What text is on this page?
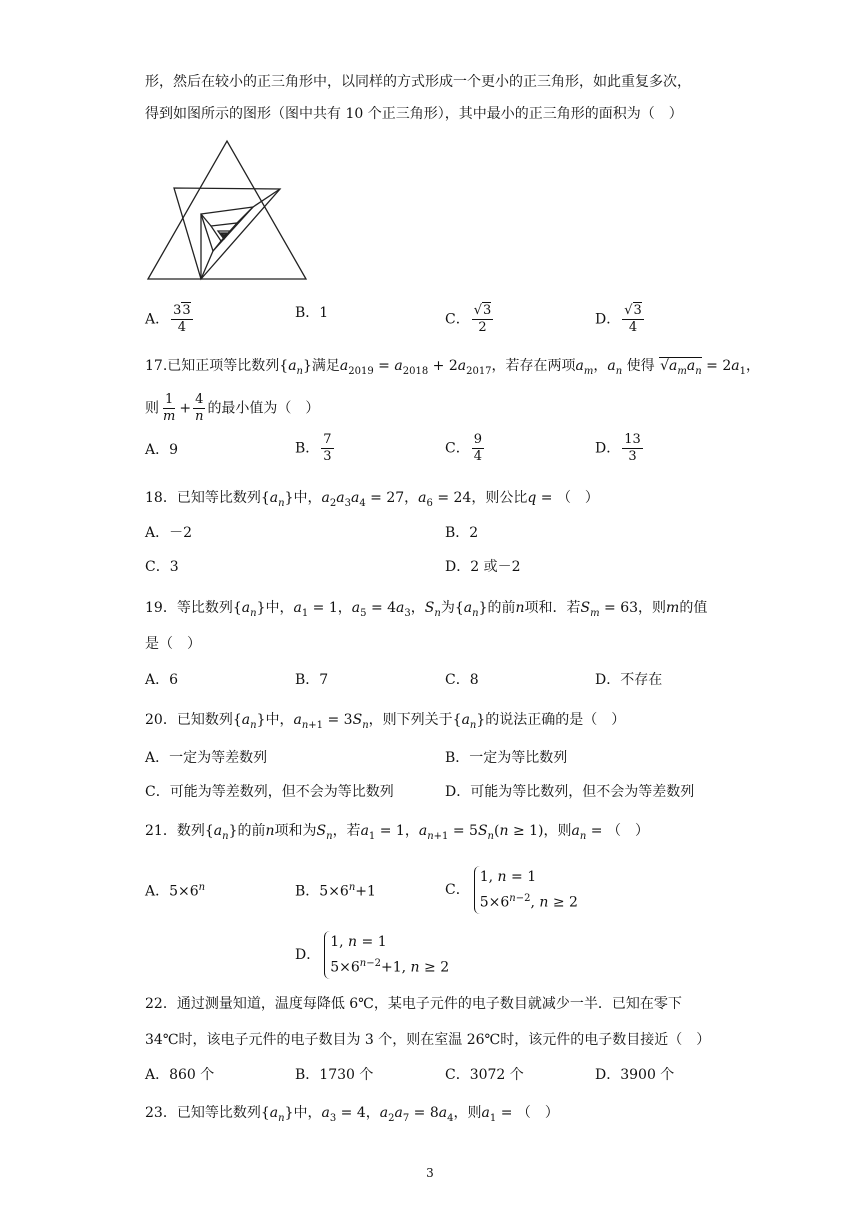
形，然后在较小的正三角形中，以同样的方式形成一个更小的正三角形，如此重复多次，
得到如图所示的图形（图中共有 10 个正三角形），其中最小的正三角形的面积为（　）
A． $\frac{33}{4}$	B．1	C． $\frac{√3}{2}$	D． $\frac{√3}{4}$
17.已知正项等比数列$\{a_n\}$满足$a_{2019} = a_{2018} + 2a_{2017}$，若存在两项$a_m$，$a_n$ 使得 $√a_ma_n = 2a_1$，
则 $\frac{1}{m} + \frac{4}{n}$ 的最小值为（　）
A．9	B． $\frac{7}{3}$	C． $\frac{9}{4}$	D． $\frac{13}{3}$
18．已知等比数列$\{a_n\}$中，$a_2a_3a_4 = 27$，$a_6 = 24$，则公比q = （　）
A．－2	B．2
C．3	D．2 或－2
19．等比数列$\{a_n\}$中，$a_1 = 1$，$a_5 = 4a_3$，$S_n$为$\{a_n\}$的前n项和．若$S_m = 63$，则m的值
是（　）
A．6	B．7	C．8	D．不存在
20．已知数列$\{a_n\}$中，$a_{n+1} = 3S_n$，则下列关于$\{a_n\}$的说法正确的是（　）
A．一定为等差数列	B．一定为等比数列
C．可能为等差数列，但不会为等比数列	D．可能为等比数列，但不会为等差数列
21．数列$\{a_n\}$的前n项和为$S_n$，若$a_1 = 1$，$a_{n+1} = 5S_n(n \ge 1)$，则$a_n$ = （　）
A．$5\times 6^n$	B．$5\times 6^n+1$	C．
1, n = 1
$5\times 6^{n-2}$, n ≥ 2
D．
1, n = 1
$5\times 6^{n-2}+1$, n ≥ 2
22．通过测量知道，温度每降低 6℃，某电子元件的电子数目就减少一半．已知在零下
34℃时，该电子元件的电子数目为 3 个，则在室温 26℃时，该元件的电子数目接近（　）
A．860 个	B．1730 个	C．3072 个	D．3900 个
23．已知等比数列$\{a_n\}$中，$a_3 = 4$，$a_2a_7 = 8a_4$，则$a_1$ = （　）
3
